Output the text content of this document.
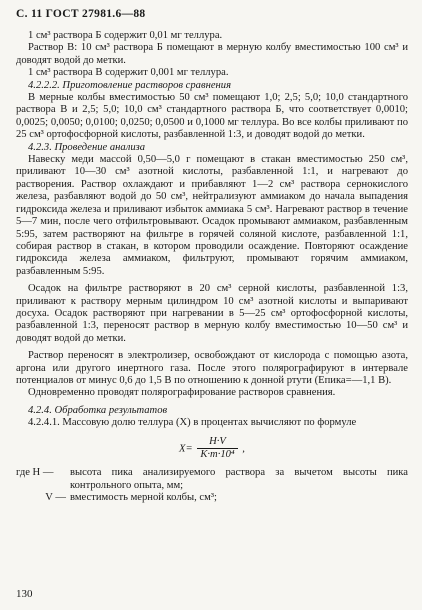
С. 11 ГОСТ 27981.6—88

1 см³ раствора Б содержит 0,01 мг теллура.

Раствор В: 10 см³ раствора Б помещают в мерную колбу вместимостью 100 см³ и доводят водой до метки.

1 см³ раствора В содержит 0,001 мг теллура.

4.2.2.2. Приготовление растворов сравнения

В мерные колбы вместимостью 50 см³ помещают 1,0; 2,5; 5,0; 10,0 стандартного раствора В и 2,5; 5,0; 10,0 см³ стандартного раствора Б, что соответствует 0,0010; 0,0025; 0,0050; 0,0100; 0,0250; 0,0500 и 0,1000 мг теллура. Во все колбы приливают по 25 см³ ортофосфорной кислоты, разбавленной 1:3, и доводят водой до метки.

4.2.3. Проведение анализа

Навеску меди массой 0,50—5,0 г помещают в стакан вместимостью 250 см³, приливают 10—30 см³ азотной кислоты, разбавленной 1:1, и нагревают до растворения. Раствор охлаждают и прибавляют 1—2 см³ раствора сернокислого железа, разбавляют водой до 50 см³, нейтрализуют аммиаком до начала выпадения гидроксида железа и приливают избыток аммиака 5 см³. Нагревают раствор в течение 5—7 мин, после чего отфильтровывают. Осадок промывают аммиаком, разбавленным 5:95, затем растворяют на фильтре в горячей соляной кислоте, разбавленной 1:1, собирая раствор в стакан, в котором проводили осаждение. Повторяют осаждение гидроксида железа аммиаком, фильтруют, промывают горячим аммиаком, разбавленным 5:95.

Осадок на фильтре растворяют в 20 см³ серной кислоты, разбавленной 1:3, приливают к раствору мерным цилиндром 10 см³ азотной кислоты и выпаривают досуха. Осадок растворяют при нагревании в 5—25 см³ ортофосфорной кислоты, разбавленной 1:3, переносят раствор в мерную колбу вместимостью 10—50 см³ и доводят водой до метки.

Раствор переносят в электролизер, освобождают от кислорода с помощью азота, аргона или другого инертного газа. После этого полярографируют в интервале потенциалов от минус 0,6 до 1,5 В по отношению к донной ртути (Eпика=—1,1 В).

Одновременно проводят полярографирование растворов сравнения.

4.2.4. Обработка результатов

4.2.4.1. Массовую долю теллура (X) в процентах вычисляют по формуле

$X= \frac{H\cdot V}{\text{K·m·10⁴}}$ ,
где H —	высота пика анализируемого раствора за вычетом высоты пика контрольного опыта, мм;
V — вместимость мерной колбы, см³;
130
